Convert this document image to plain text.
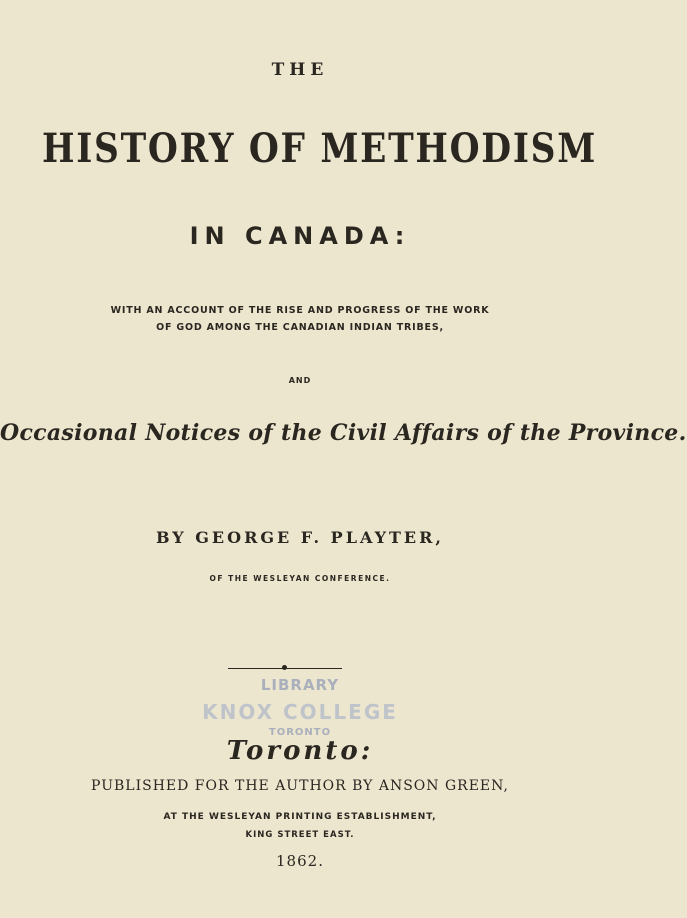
THE
HISTORY OF METHODISM
IN CANADA:
WITH AN ACCOUNT OF THE RISE AND PROGRESS OF THE WORK
OF GOD AMONG THE CANADIAN INDIAN TRIBES,
AND
Occasional Notices of the Civil Affairs of the Province.
BY GEORGE F. PLAYTER,
OF THE WESLEYAN CONFERENCE.
LIBRARY
KNOX COLLEGE
TORONTO
Toronto:
PUBLISHED FOR THE AUTHOR BY ANSON GREEN,
AT THE WESLEYAN PRINTING ESTABLISHMENT,
KING STREET EAST.
1862.
